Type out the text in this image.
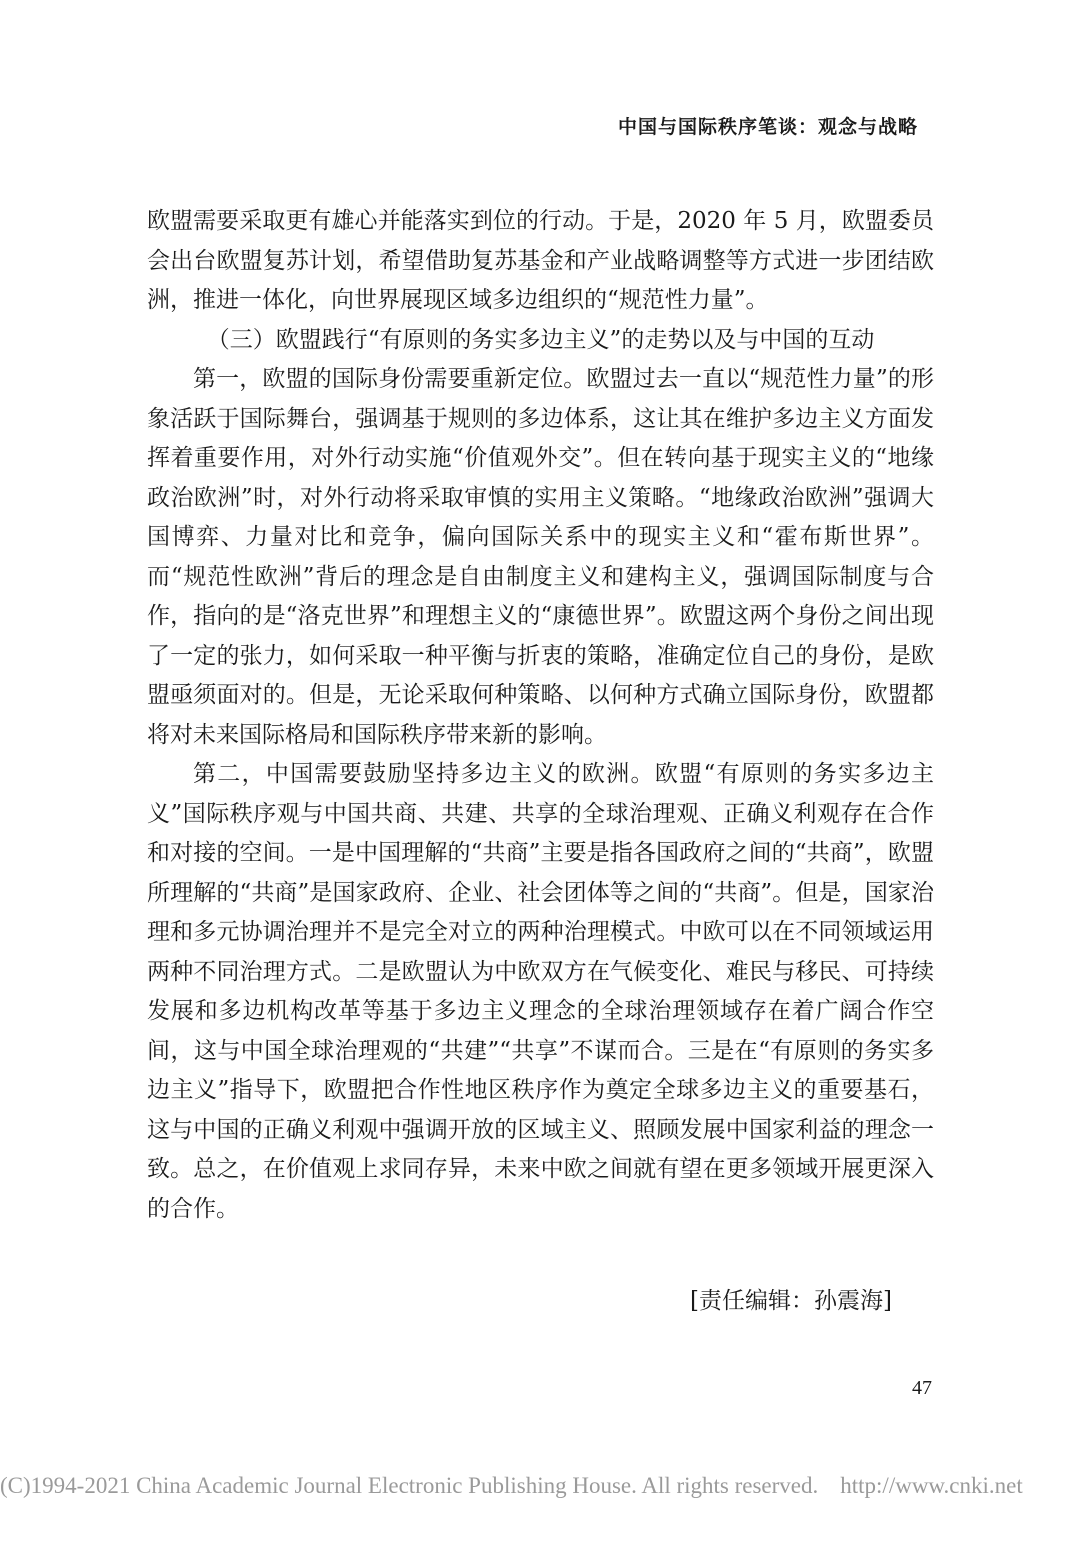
中国与国际秩序笔谈：观念与战略

欧盟需要采取更有雄心并能落实到位的行动。于是，2020 年 5 月，欧盟委员会出台欧盟复苏计划，希望借助复苏基金和产业战略调整等方式进一步团结欧洲，推进一体化，向世界展现区域多边组织的“规范性力量”。

（三）欧盟践行“有原则的务实多边主义”的走势以及与中国的互动

第一，欧盟的国际身份需要重新定位。欧盟过去一直以“规范性力量”的形象活跃于国际舞台，强调基于规则的多边体系，这让其在维护多边主义方面发挥着重要作用，对外行动实施“价值观外交”。但在转向基于现实主义的“地缘政治欧洲”时，对外行动将采取审慎的实用主义策略。“地缘政治欧洲”强调大国博弈、力量对比和竞争，偏向国际关系中的现实主义和“霍布斯世界”。而“规范性欧洲”背后的理念是自由制度主义和建构主义，强调国际制度与合作，指向的是“洛克世界”和理想主义的“康德世界”。欧盟这两个身份之间出现了一定的张力，如何采取一种平衡与折衷的策略，准确定位自己的身份，是欧盟亟须面对的。但是，无论采取何种策略、以何种方式确立国际身份，欧盟都将对未来国际格局和国际秩序带来新的影响。

第二，中国需要鼓励坚持多边主义的欧洲。欧盟“有原则的务实多边主义”国际秩序观与中国共商、共建、共享的全球治理观、正确义利观存在合作和对接的空间。一是中国理解的“共商”主要是指各国政府之间的“共商”，欧盟所理解的“共商”是国家政府、企业、社会团体等之间的“共商”。但是，国家治理和多元协调治理并不是完全对立的两种治理模式。中欧可以在不同领域运用两种不同治理方式。二是欧盟认为中欧双方在气候变化、难民与移民、可持续发展和多边机构改革等基于多边主义理念的全球治理领域存在着广阔合作空间，这与中国全球治理观的“共建”“共享”不谋而合。三是在“有原则的务实多边主义”指导下，欧盟把合作性地区秩序作为奠定全球多边主义的重要基石，这与中国的正确义利观中强调开放的区域主义、照顾发展中国家利益的理念一致。总之，在价值观上求同存异，未来中欧之间就有望在更多领域开展更深入的合作。

[责任编辑：孙震海]
47
(C)1994-2021 China Academic Journal Electronic Publishing House. All rights reserved. http://www.cnki.net
